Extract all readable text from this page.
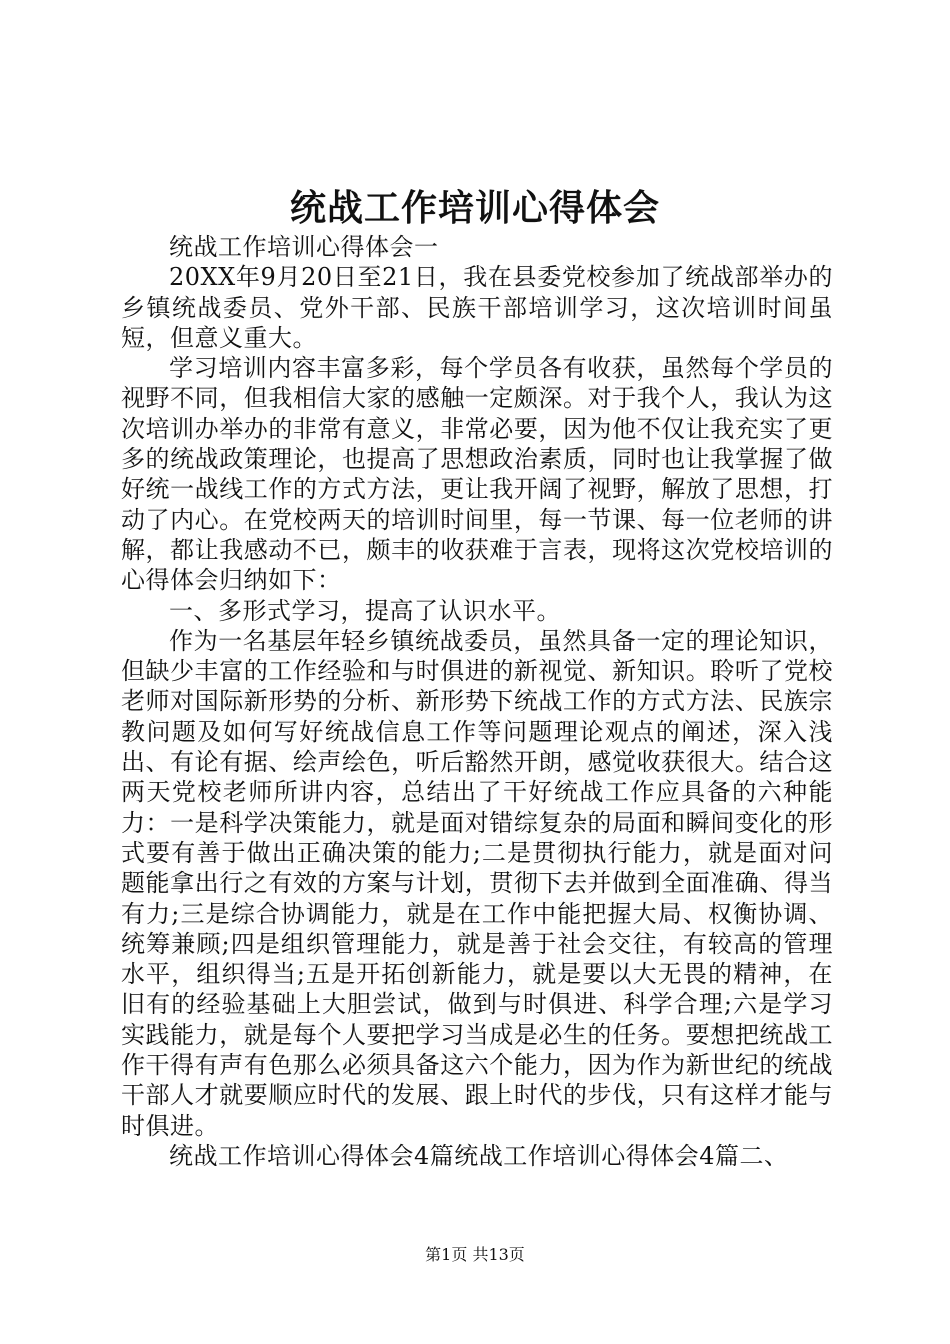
统战工作培训心得体会

统战工作培训心得体会一

20XX年9月20日至21日，我在县委党校参加了统战部举办的乡镇统战委员、党外干部、民族干部培训学习，这次培训时间虽短，但意义重大。

学习培训内容丰富多彩，每个学员各有收获，虽然每个学员的视野不同，但我相信大家的感触一定颇深。对于我个人，我认为这次培训办举办的非常有意义，非常必要，因为他不仅让我充实了更多的统战政策理论，也提高了思想政治素质，同时也让我掌握了做好统一战线工作的方式方法，更让我开阔了视野，解放了思想，打动了内心。在党校两天的培训时间里，每一节课、每一位老师的讲解，都让我感动不已，颇丰的收获难于言表，现将这次党校培训的心得体会归纳如下：

一、多形式学习，提高了认识水平。

作为一名基层年轻乡镇统战委员，虽然具备一定的理论知识，但缺少丰富的工作经验和与时俱进的新视觉、新知识。聆听了党校老师对国际新形势的分析、新形势下统战工作的方式方法、民族宗教问题及如何写好统战信息工作等问题理论观点的阐述，深入浅出、有论有据、绘声绘色，听后豁然开朗，感觉收获很大。结合这两天党校老师所讲内容，总结出了干好统战工作应具备的六种能力：一是科学决策能力，就是面对错综复杂的局面和瞬间变化的形式要有善于做出正确决策的能力;二是贯彻执行能力，就是面对问题能拿出行之有效的方案与计划，贯彻下去并做到全面准确、得当有力;三是综合协调能力，就是在工作中能把握大局、权衡协调、统筹兼顾;四是组织管理能力，就是善于社会交往，有较高的管理水平，组织得当;五是开拓创新能力，就是要以大无畏的精神，在旧有的经验基础上大胆尝试，做到与时俱进、科学合理;六是学习实践能力，就是每个人要把学习当成是必生的任务。要想把统战工作干得有声有色那么必须具备这六个能力，因为作为新世纪的统战干部人才就要顺应时代的发展、跟上时代的步伐，只有这样才能与时俱进。

统战工作培训心得体会4篇统战工作培训心得体会4篇二、

第1页 共13页
